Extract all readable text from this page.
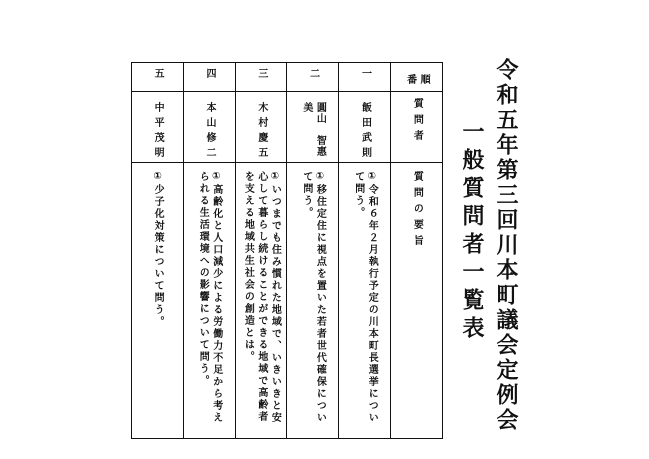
令和五年第三回川本町議会定例会
一般質問者一覧表
五	四	三	二	一	順番

中平茂明	本山修二	木村慶五	圓山　智惠美	飯田武則	質問者

①少子化対策について問う。	①高齢化と人口減少による労働力不足から考えられる生活環境への影響について問う。	①いつまでも住み慣れた地域で、いきいきと安心して暮らし続けることができる地域で高齢者を支える地域共生社会の創造とは。	①移住定住に視点を置いた若者世代確保について問う。	①令和６年２月執行予定の川本町長選挙について問う。	質問の要旨
